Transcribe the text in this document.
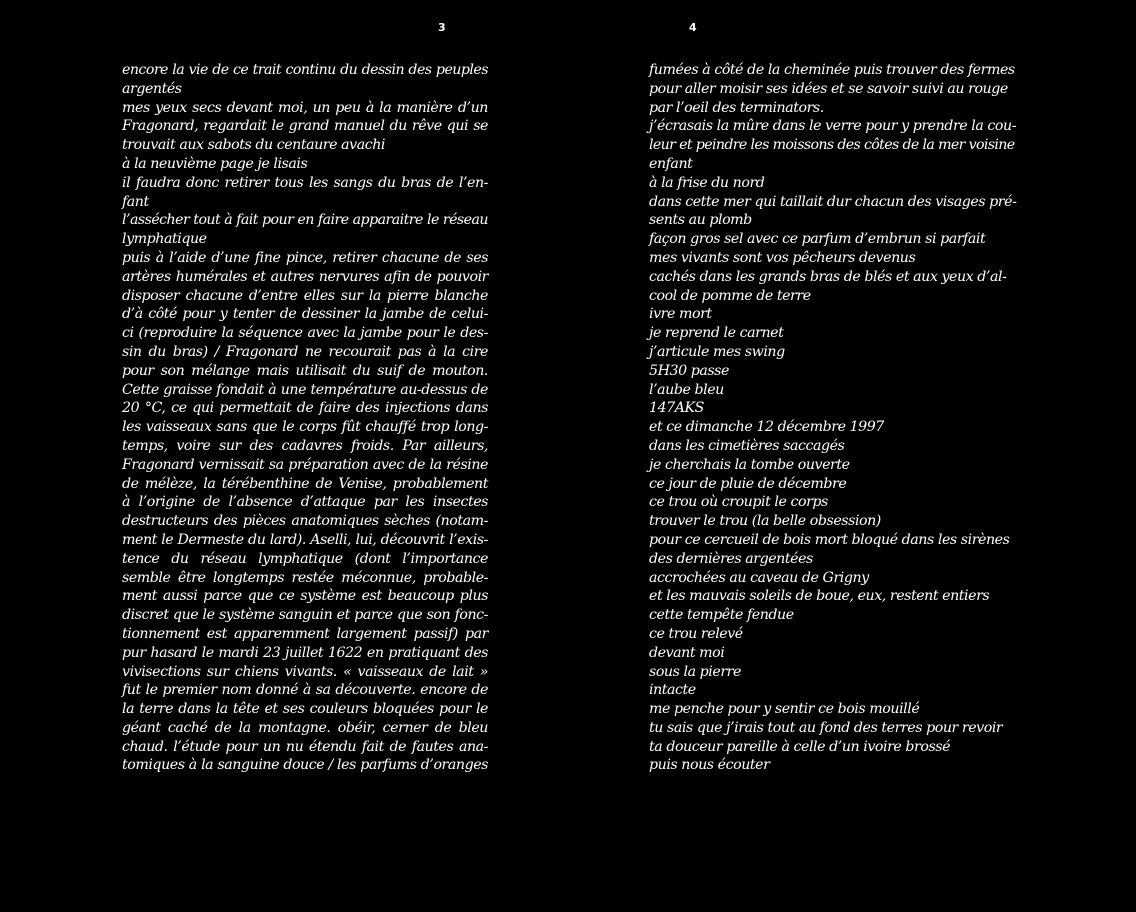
3	4
encore la vie de ce trait continu du dessin des peuples
argentés
mes yeux secs devant moi, un peu à la manière d’un
Fragonard, regardait le grand manuel du rêve qui se
trouvait aux sabots du centaure avachi
à la neuvième page je lisais
il faudra donc retirer tous les sangs du bras de l’en-
fant
l’assécher tout à fait pour en faire apparaitre le réseau
lymphatique
puis à l’aide d’une fine pince, retirer chacune de ses
artères humérales et autres nervures afin de pouvoir
disposer chacune d’entre elles sur la pierre blanche
d’à côté pour y tenter de dessiner la jambe de celui-
ci (reproduire la séquence avec la jambe pour le des-
sin du bras) / Fragonard ne recourait pas à la cire
pour son mélange mais utilisait du suif de mouton.
Cette graisse fondait à une température au-dessus de
20 °C, ce qui permettait de faire des injections dans
les vaisseaux sans que le corps fût chauffé trop long-
temps, voire sur des cadavres froids. Par ailleurs,
Fragonard vernissait sa préparation avec de la résine
de mélèze, la térébenthine de Venise, probablement
à l’origine de l’absence d’attaque par les insectes
destructeurs des pièces anatomiques sèches (notam-
ment le Dermeste du lard). Aselli, lui, découvrit l’exis-
tence du réseau lymphatique (dont l’importance
semble être longtemps restée méconnue, probable-
ment aussi parce que ce système est beaucoup plus
discret que le système sanguin et parce que son fonc-
tionnement est apparemment largement passif) par
pur hasard le mardi 23 juillet 1622 en pratiquant des
vivisections sur chiens vivants. « vaisseaux de lait »
fut le premier nom donné à sa découverte. encore de
la terre dans la tête et ses couleurs bloquées pour le
géant caché de la montagne. obéir, cerner de bleu
chaud. l’étude pour un nu étendu fait de fautes ana-
tomiques à la sanguine douce / les parfums d’oranges
fumées à côté de la cheminée puis trouver des fermes
pour aller moisir ses idées et se savoir suivi au rouge
par l’oeil des terminators.
j’écrasais la mûre dans le verre pour y prendre la cou-
leur et peindre les moissons des côtes de la mer voisine
enfant
à la frise du nord
dans cette mer qui taillait dur chacun des visages pré-
sents au plomb
façon gros sel avec ce parfum d’embrun si parfait
mes vivants sont vos pêcheurs devenus
cachés dans les grands bras de blés et aux yeux d’al-
cool de pomme de terre
ivre mort
je reprend le carnet
j’articule mes swing
5H30 passe
l’aube bleu
147AKS
et ce dimanche 12 décembre 1997
dans les cimetières saccagés
je cherchais la tombe ouverte
ce jour de pluie de décembre
ce trou où croupit le corps
trouver le trou (la belle obsession)
pour ce cercueil de bois mort bloqué dans les sirènes
des dernières argentées
accrochées au caveau de Grigny
et les mauvais soleils de boue, eux, restent entiers
cette tempête fendue
ce trou relevé
devant moi
sous la pierre
intacte
me penche pour y sentir ce bois mouillé
tu sais que j’irais tout au fond des terres pour revoir
ta douceur pareille à celle d’un ivoire brossé
puis nous écouter
